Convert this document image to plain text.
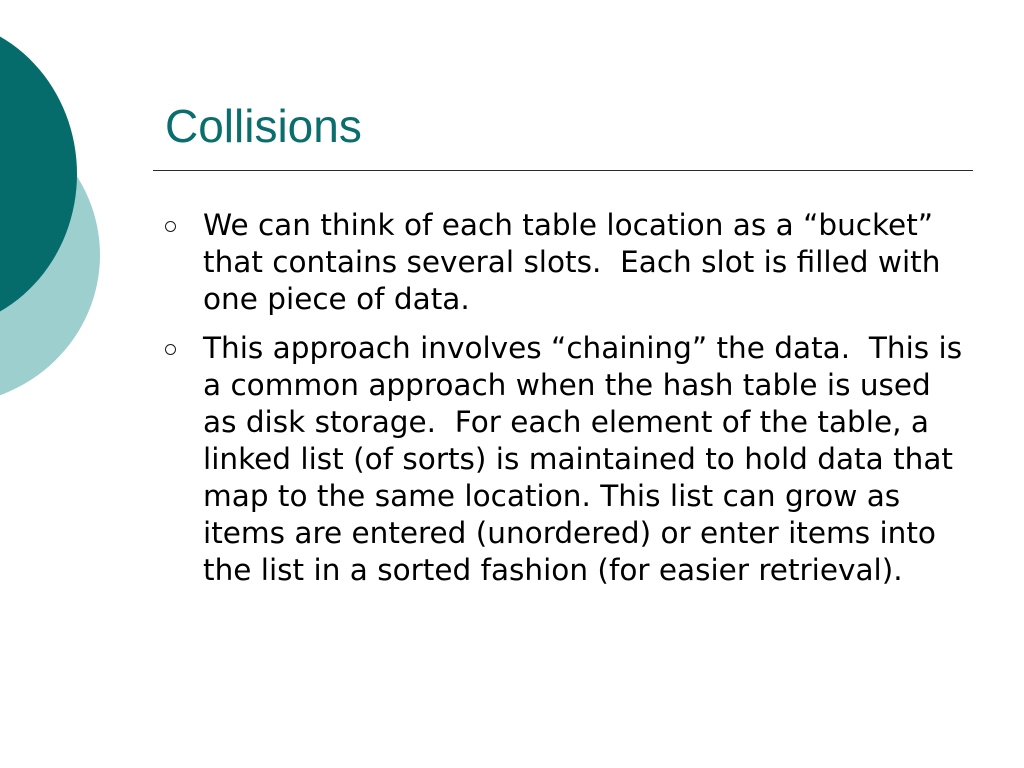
Collisions
We can think of each table location as a “bucket” that contains several slots.  Each slot is filled with one piece of data.
This approach involves “chaining” the data.  This is a common approach when the hash table is used as disk storage.  For each element of the table, a linked list (of sorts) is maintained to hold data that map to the same location. This list can grow as items are entered (unordered) or enter items into the list in a sorted fashion (for easier retrieval).
